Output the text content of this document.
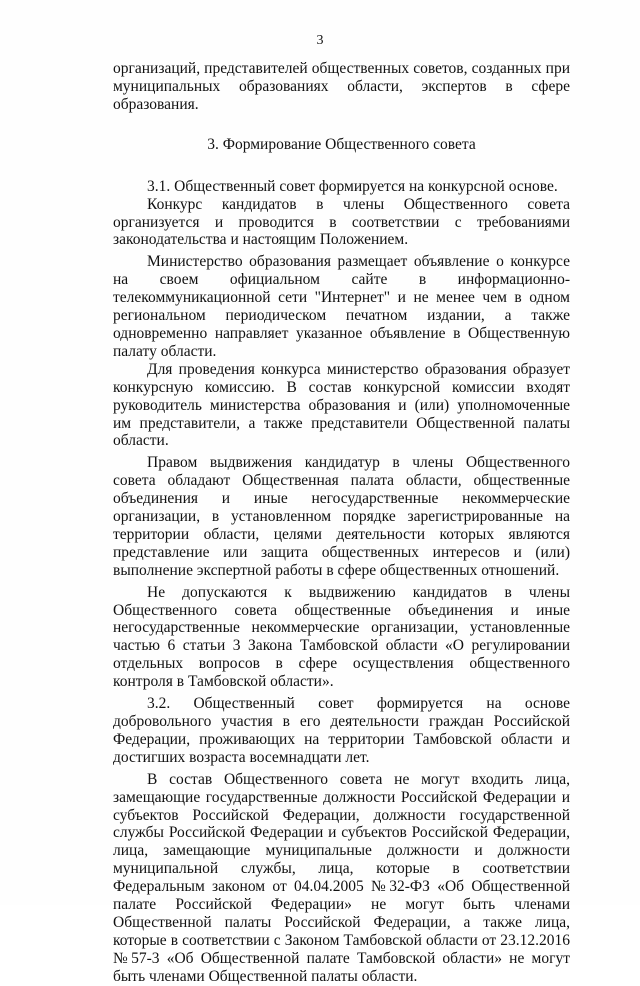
3

организаций, представителей общественных советов, созданных при муниципальных образованиях области, экспертов в сфере образования.

3. Формирование Общественного совета

3.1. Общественный совет формируется на конкурсной основе.

Конкурс кандидатов в члены Общественного совета организуется и проводится в соответствии с требованиями законодательства и настоящим Положением.

Министерство образования размещает объявление о конкурсе на своем официальном сайте в информационно-телекоммуникационной сети "Интернет" и не менее чем в одном региональном периодическом печатном издании, а также одновременно направляет указанное объявление в Общественную палату области.

Для проведения конкурса министерство образования образует конкурсную комиссию. В состав конкурсной комиссии входят руководитель министерства образования и (или) уполномоченные им представители, а также представители Общественной палаты области.

Правом выдвижения кандидатур в члены Общественного совета обладают Общественная палата области, общественные объединения и иные негосударственные некоммерческие организации, в установленном порядке зарегистрированные на территории области, целями деятельности которых являются представление или защита общественных интересов и (или) выполнение экспертной работы в сфере общественных отношений.

Не допускаются к выдвижению кандидатов в члены Общественного совета общественные объединения и иные негосударственные некоммерческие организации, установленные частью 6 статьи 3 Закона Тамбовской области «О регулировании отдельных вопросов в сфере осуществления общественного контроля в Тамбовской области».

3.2. Общественный совет формируется на основе добровольного участия в его деятельности граждан Российской Федерации, проживающих на территории Тамбовской области и достигших возраста восемнадцати лет.

В состав Общественного совета не могут входить лица, замещающие государственные должности Российской Федерации и субъектов Российской Федерации, должности государственной службы Российской Федерации и субъектов Российской Федерации, лица, замещающие муниципальные должности и должности муниципальной службы, лица, которые в соответствии Федеральным законом от 04.04.2005 №32-ФЗ «Об Общественной палате Российской Федерации» не могут быть членами Общественной палаты Российской Федерации, а также лица, которые в соответствии с Законом Тамбовской области от 23.12.2016 №57-3 «Об Общественной палате Тамбовской области» не могут быть членами Общественной палаты области.
